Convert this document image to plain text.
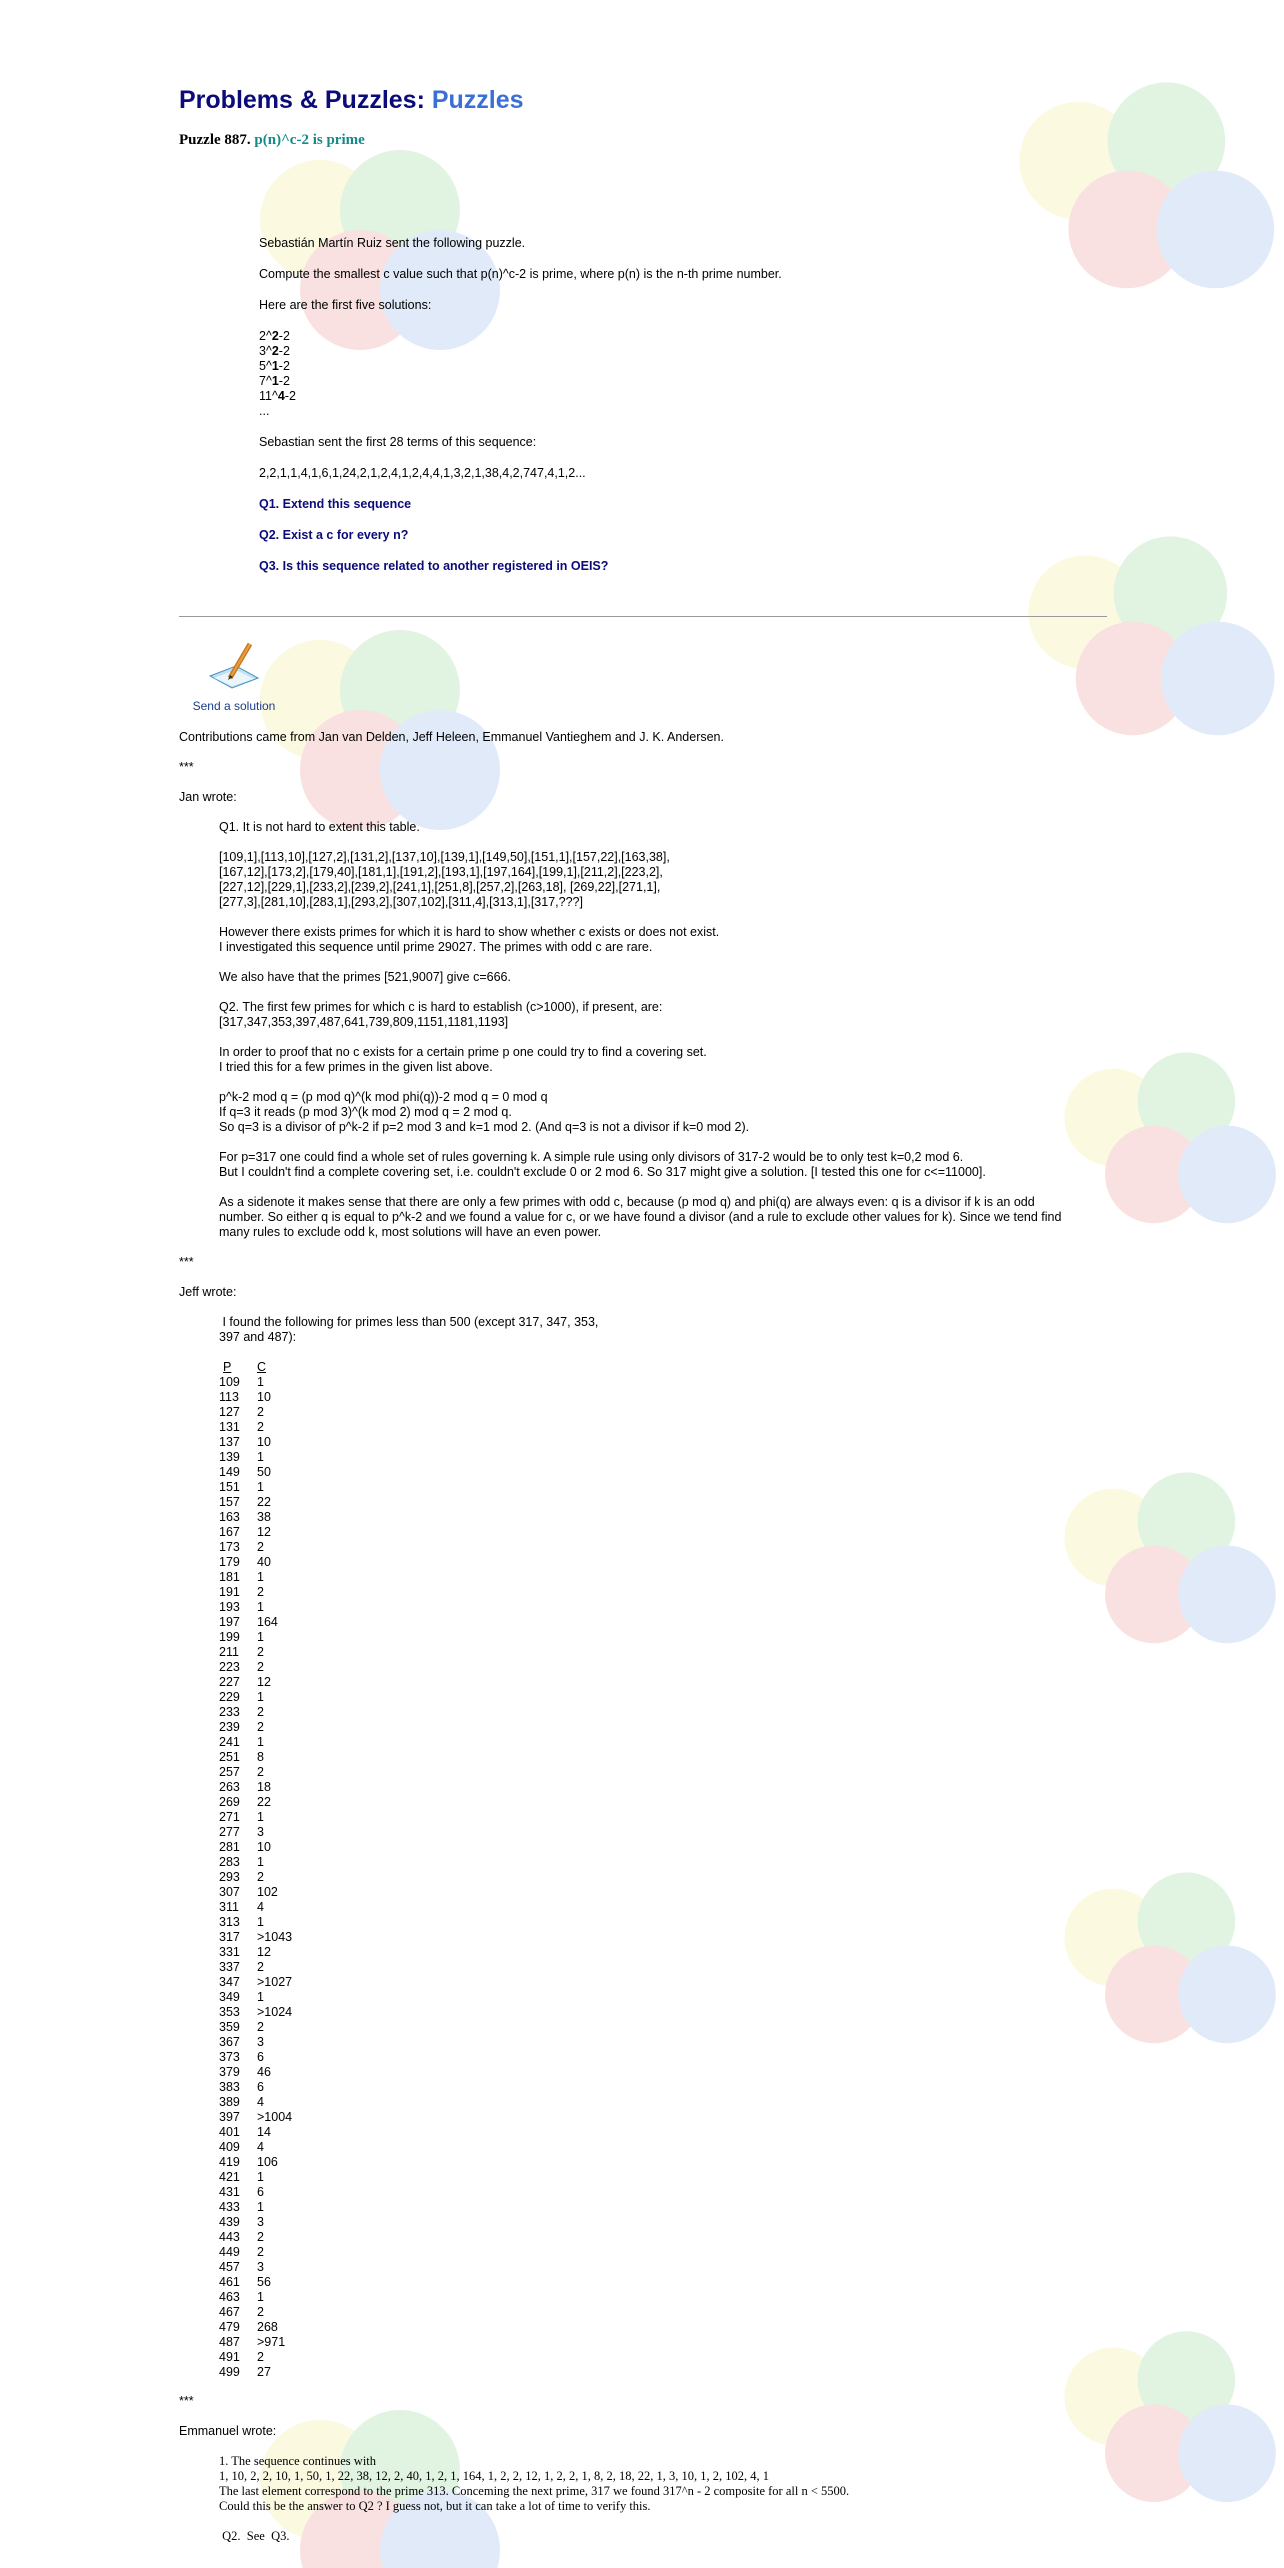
Problems & Puzzles: Puzzles
Puzzle 887. p(n)^c-2 is prime

Sebastián Martín Ruiz sent the following puzzle.

Compute the smallest c value such that p(n)^c-2 is prime, where p(n) is the n-th prime number.

Here are the first five solutions:

2^2-2
3^2-2
5^1-2
7^1-2
11^4-2
...

Sebastian sent the first 28 terms of this sequence:

2,2,1,1,4,1,6,1,24,2,1,2,4,1,2,4,4,1,3,2,1,38,4,2,747,4,1,2...

Q1. Extend this sequence

Q2. Exist a c for every n?

Q3. Is this sequence related to another registered in OEIS?

Send a solution

Contributions came from Jan van Delden, Jeff Heleen, Emmanuel Vantieghem and J. K. Andersen.

***

Jan wrote:

Q1. It is not hard to extent this table.

[109,1],[113,10],[127,2],[131,2],[137,10],[139,1],[149,50],[151,1],[157,22],[163,38],

[167,12],[173,2],[179,40],[181,1],[191,2],[193,1],[197,164],[199,1],[211,2],[223,2],

[227,12],[229,1],[233,2],[239,2],[241,1],[251,8],[257,2],[263,18], [269,22],[271,1],

[277,3],[281,10],[283,1],[293,2],[307,102],[311,4],[313,1],[317,???]

However there exists primes for which it is hard to show whether c exists or does not exist.

I investigated this sequence until prime 29027. The primes with odd c are rare.

We also have that the primes [521,9007] give c=666.

Q2. The first few primes for which c is hard to establish (c>1000), if present, are:

[317,347,353,397,487,641,739,809,1151,1181,1193]

In order to proof that no c exists for a certain prime p one could try to find a covering set.

I tried this for a few primes in the given list above.

p^k-2 mod q = (p mod q)^(k mod phi(q))-2 mod q = 0 mod q

If q=3 it reads (p mod 3)^(k mod 2) mod q = 2 mod q.

So q=3 is a divisor of p^k-2 if p=2 mod 3 and k=1 mod 2. (And q=3 is not a divisor if k=0 mod 2).

For p=317 one could find a whole set of rules governing k. A simple rule using only divisors of 317-2 would be to only test k=0,2 mod 6.

But I couldn't find a complete covering set, i.e. couldn't exclude 0 or 2 mod 6. So 317 might give a solution. [I tested this one for c<=11000].

As a sidenote it makes sense that there are only a few primes with odd c, because (p mod q) and phi(q) are always even: q is a divisor if k is an odd number. So either q is equal to p^k-2 and we found a value for c, or we have found a divisor (and a rule to exclude other values for k). Since we tend find many rules to exclude odd k, most solutions will have an even power.

***

Jeff wrote:

I found the following for primes less than 500 (except 317, 347, 353,

397 and 487):

P	C
109	1
113	10
127	2
131	2
137	10
139	1
149	50
151	1
157	22
163	38
167	12
173	2
179	40
181	1
191	2
193	1
197	164
199	1
211	2
223	2
227	12
229	1
233	2
239	2
241	1
251	8
257	2
263	18
269	22
271	1
277	3
281	10
283	1
293	2
307	102
311	4
313	1
317	>1043
331	12
337	2
347	>1027
349	1
353	>1024
359	2
367	3
373	6
379	46
383	6
389	4
397	>1004
401	14
409	4
419	106
421	1
431	6
433	1
439	3
443	2
449	2
457	3
461	56
463	1
467	2
479	268
487	>971
491	2
499	27

***

Emmanuel wrote:

1. The sequence continues with

1, 10, 2, 2, 10, 1, 50, 1, 22, 38, 12, 2, 40, 1, 2, 1, 164, 1, 2, 2, 12, 1, 2, 2, 1, 8, 2, 18, 22, 1, 3, 10, 1, 2, 102, 4, 1

The last element correspond to the prime 313. Conceming the next prime, 317 we found 317^n - 2 composite for all n < 5500.

Could this be the answer to Q2 ? I guess not, but it can take a lot of time to verify this.

Q2.  See  Q3.
